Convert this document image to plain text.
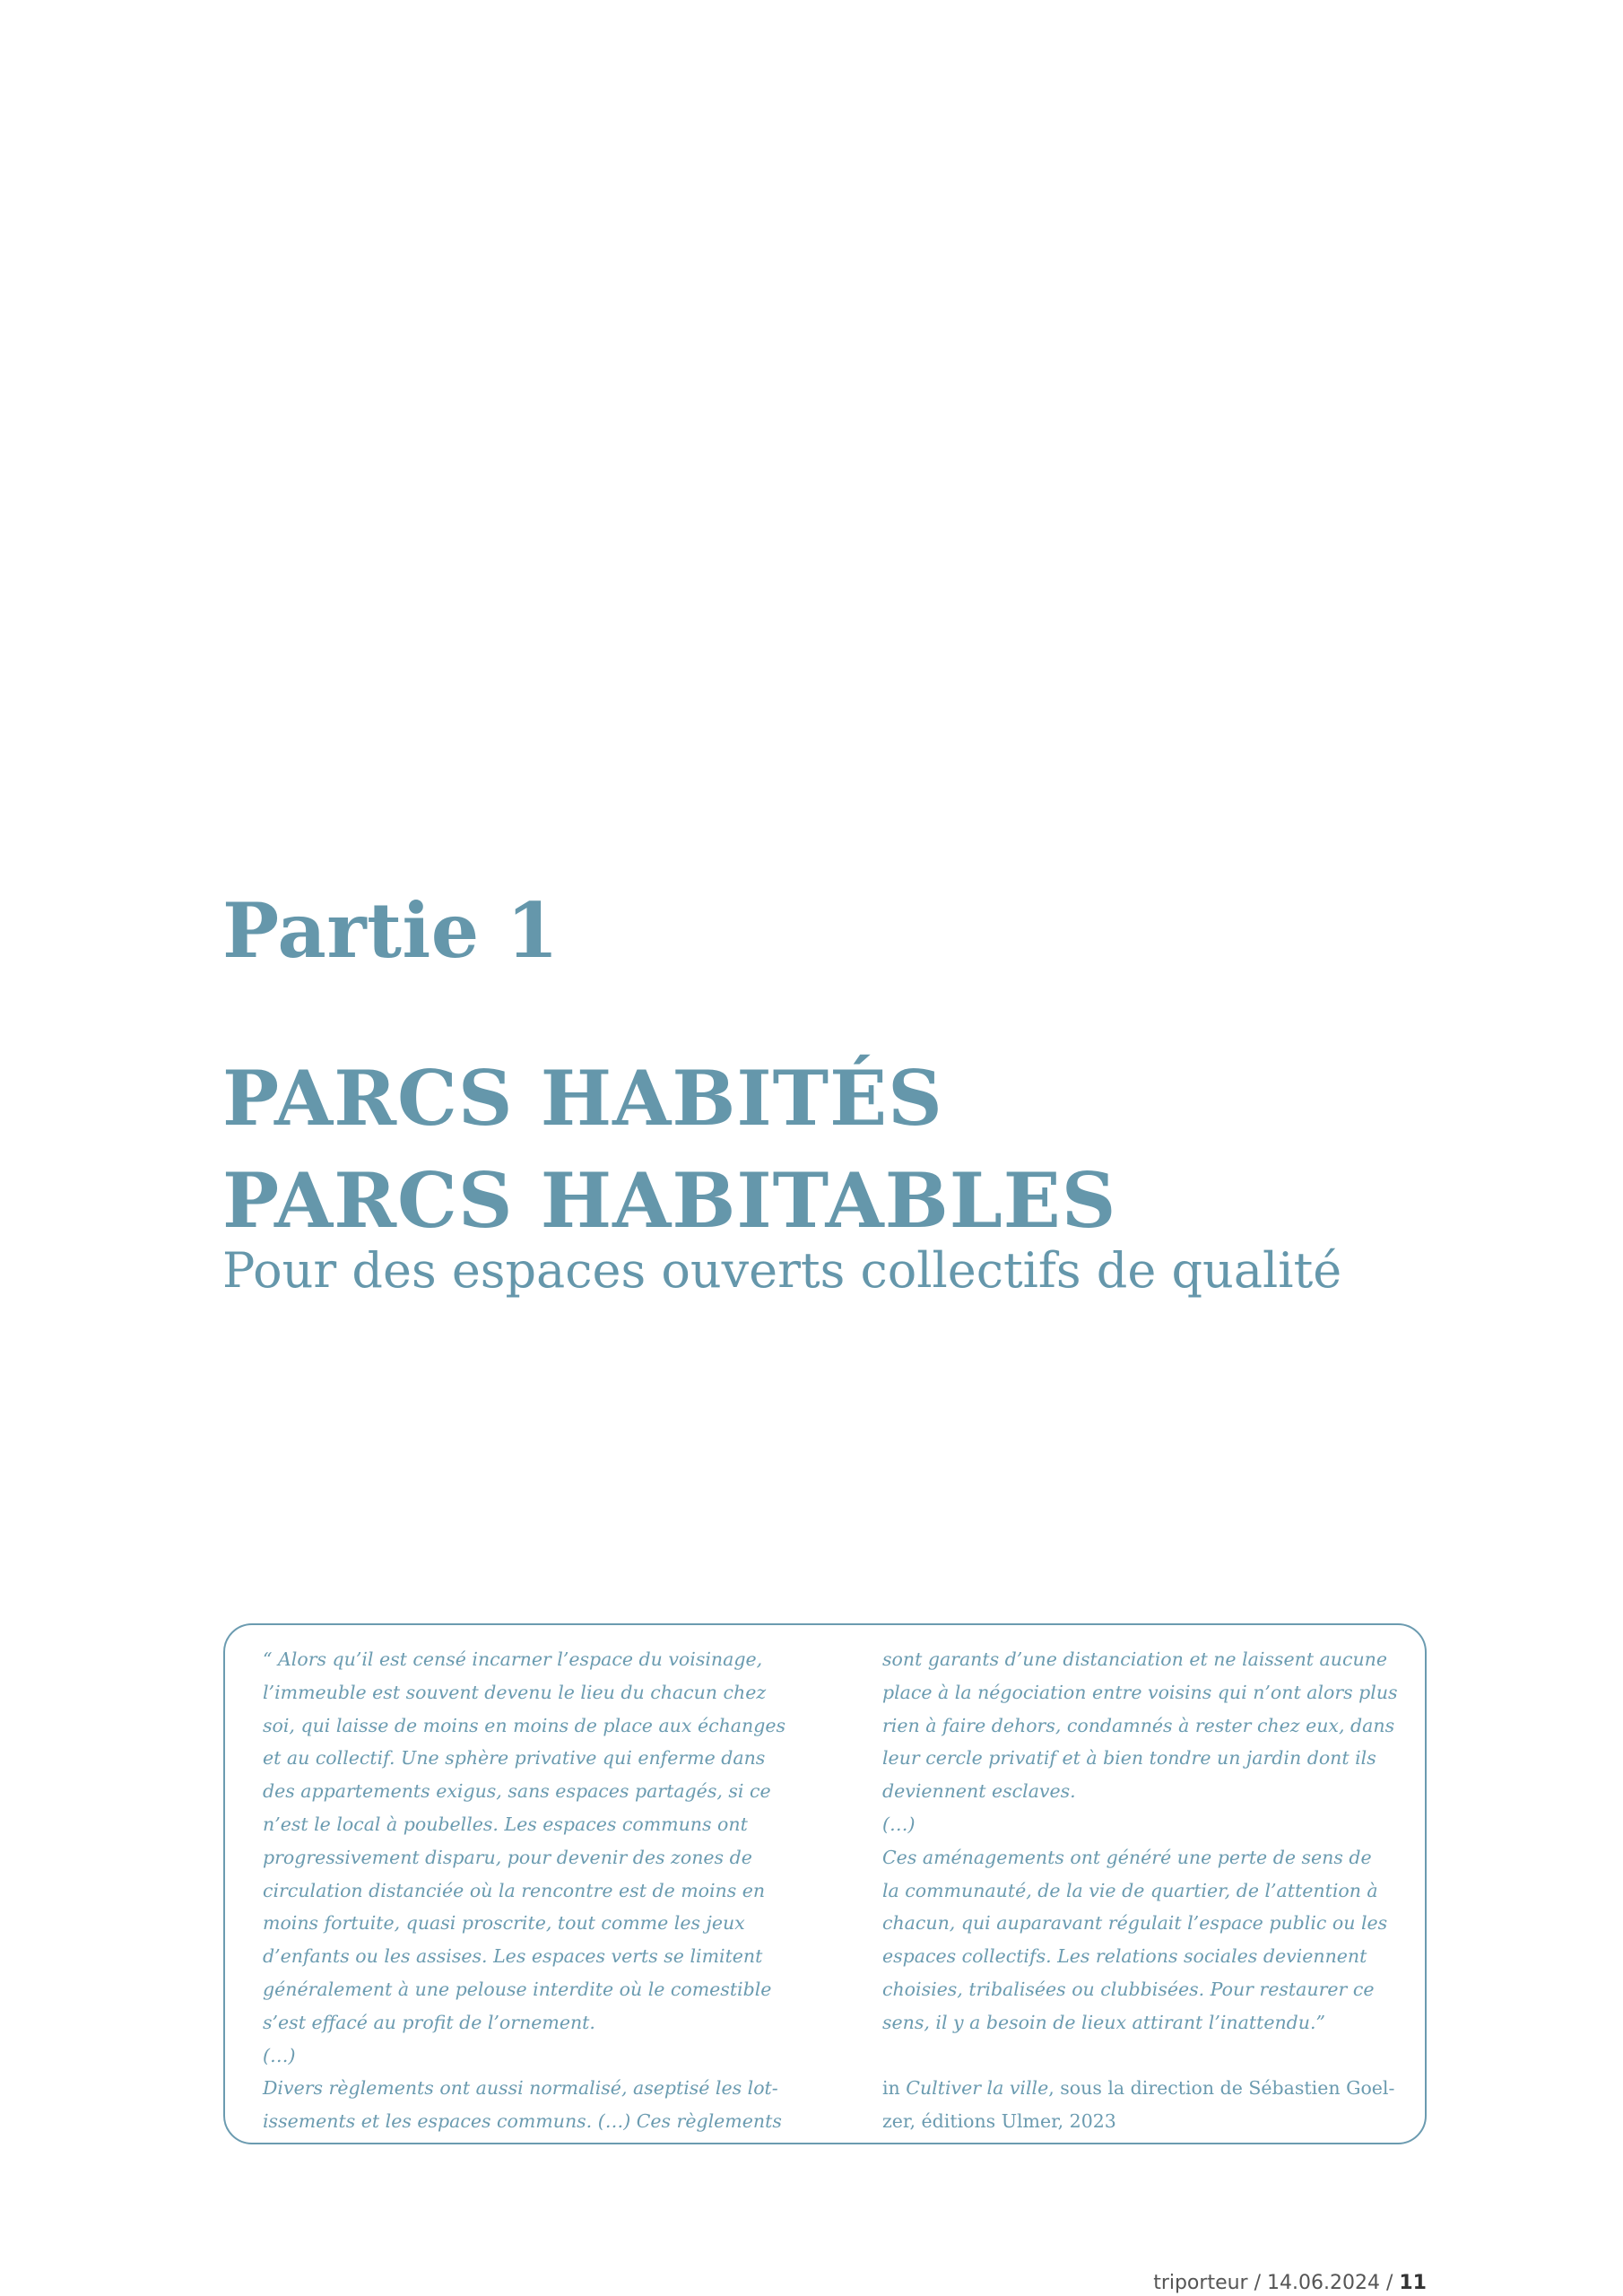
Partie 1
PARCS HABITÉS
PARCS HABITABLES

Pour des espaces ouverts collectifs de qualité

“ Alors qu’il est censé incarner l’espace du voisinage,
l’immeuble est souvent devenu le lieu du chacun chez
soi, qui laisse de moins en moins de place aux échanges
et au collectif. Une sphère privative qui enferme dans
des appartements exigus, sans espaces partagés, si ce
n’est le local à poubelles. Les espaces communs ont
progressivement disparu, pour devenir des zones de
circulation distanciée où la rencontre est de moins en
moins fortuite, quasi proscrite, tout comme les jeux
d’enfants ou les assises. Les espaces verts se limitent
généralement à une pelouse interdite où le comestible
s’est effacé au profit de l’ornement.
(…)
Divers règlements ont aussi normalisé, aseptisé les lot-
issements et les espaces communs. (…) Ces règlements
sont garants d’une distanciation et ne laissent aucune
place à la négociation entre voisins qui n’ont alors plus
rien à faire dehors, condamnés à rester chez eux, dans
leur cercle privatif et à bien tondre un jardin dont ils
deviennent esclaves.
(…)
Ces aménagements ont généré une perte de sens de
la communauté, de la vie de quartier, de l’attention à
chacun, qui auparavant régulait l’espace public ou les
espaces collectifs. Les relations sociales deviennent
choisies, tribalisées ou clubbisées. Pour restaurer ce
sens, il y a besoin de lieux attirant l’inattendu.”
in Cultiver la ville, sous la direction de Sébastien Goel-
zer, éditions Ulmer, 2023
triporteur / 14.06.2024 / 11
